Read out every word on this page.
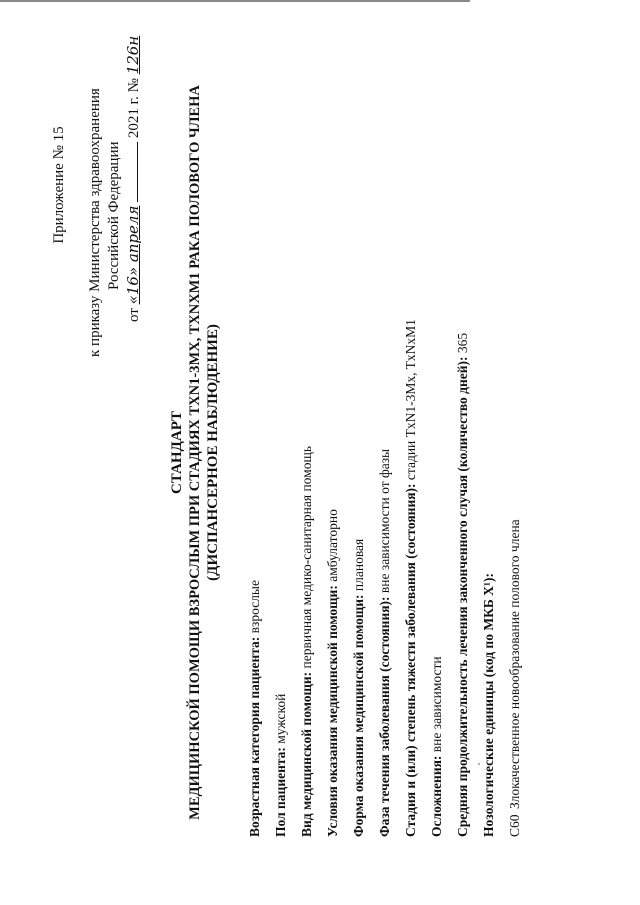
Приложение № 15 к приказу Министерства здравоохранения Российской Федерации
от «16» апреля  2021 г. № 126н
СТАНДАРТ МЕДИЦИНСКОЙ ПОМОЩИ ВЗРОСЛЫМ ПРИ СТАДИЯХ TXN1-3MX, TXNXM1 РАКА ПОЛОВОГО ЧЛЕНА (ДИСПАНСЕРНОЕ НАБЛЮДЕНИЕ)
Возрастная категория пациента: взрослые
Пол пациента: мужской Вид медицинской помощи: первичная медико-санитарная помощь
Условия оказания медицинской помощи: амбулаторно
Форма оказания медицинской помощи: плановая
Фаза течения заболевания (состояния): вне зависимости от фазы Стадия и (или) степень тяжести заболевания (состояния): стадии TxN1-3Mx, TxNxM1
Осложнения: вне зависимости Средняя продолжительность лечения законченного случая (количество дней): 365
Нозологические единицы (код по МКБ X¹): С60Злокачественное новообразование полового члена
